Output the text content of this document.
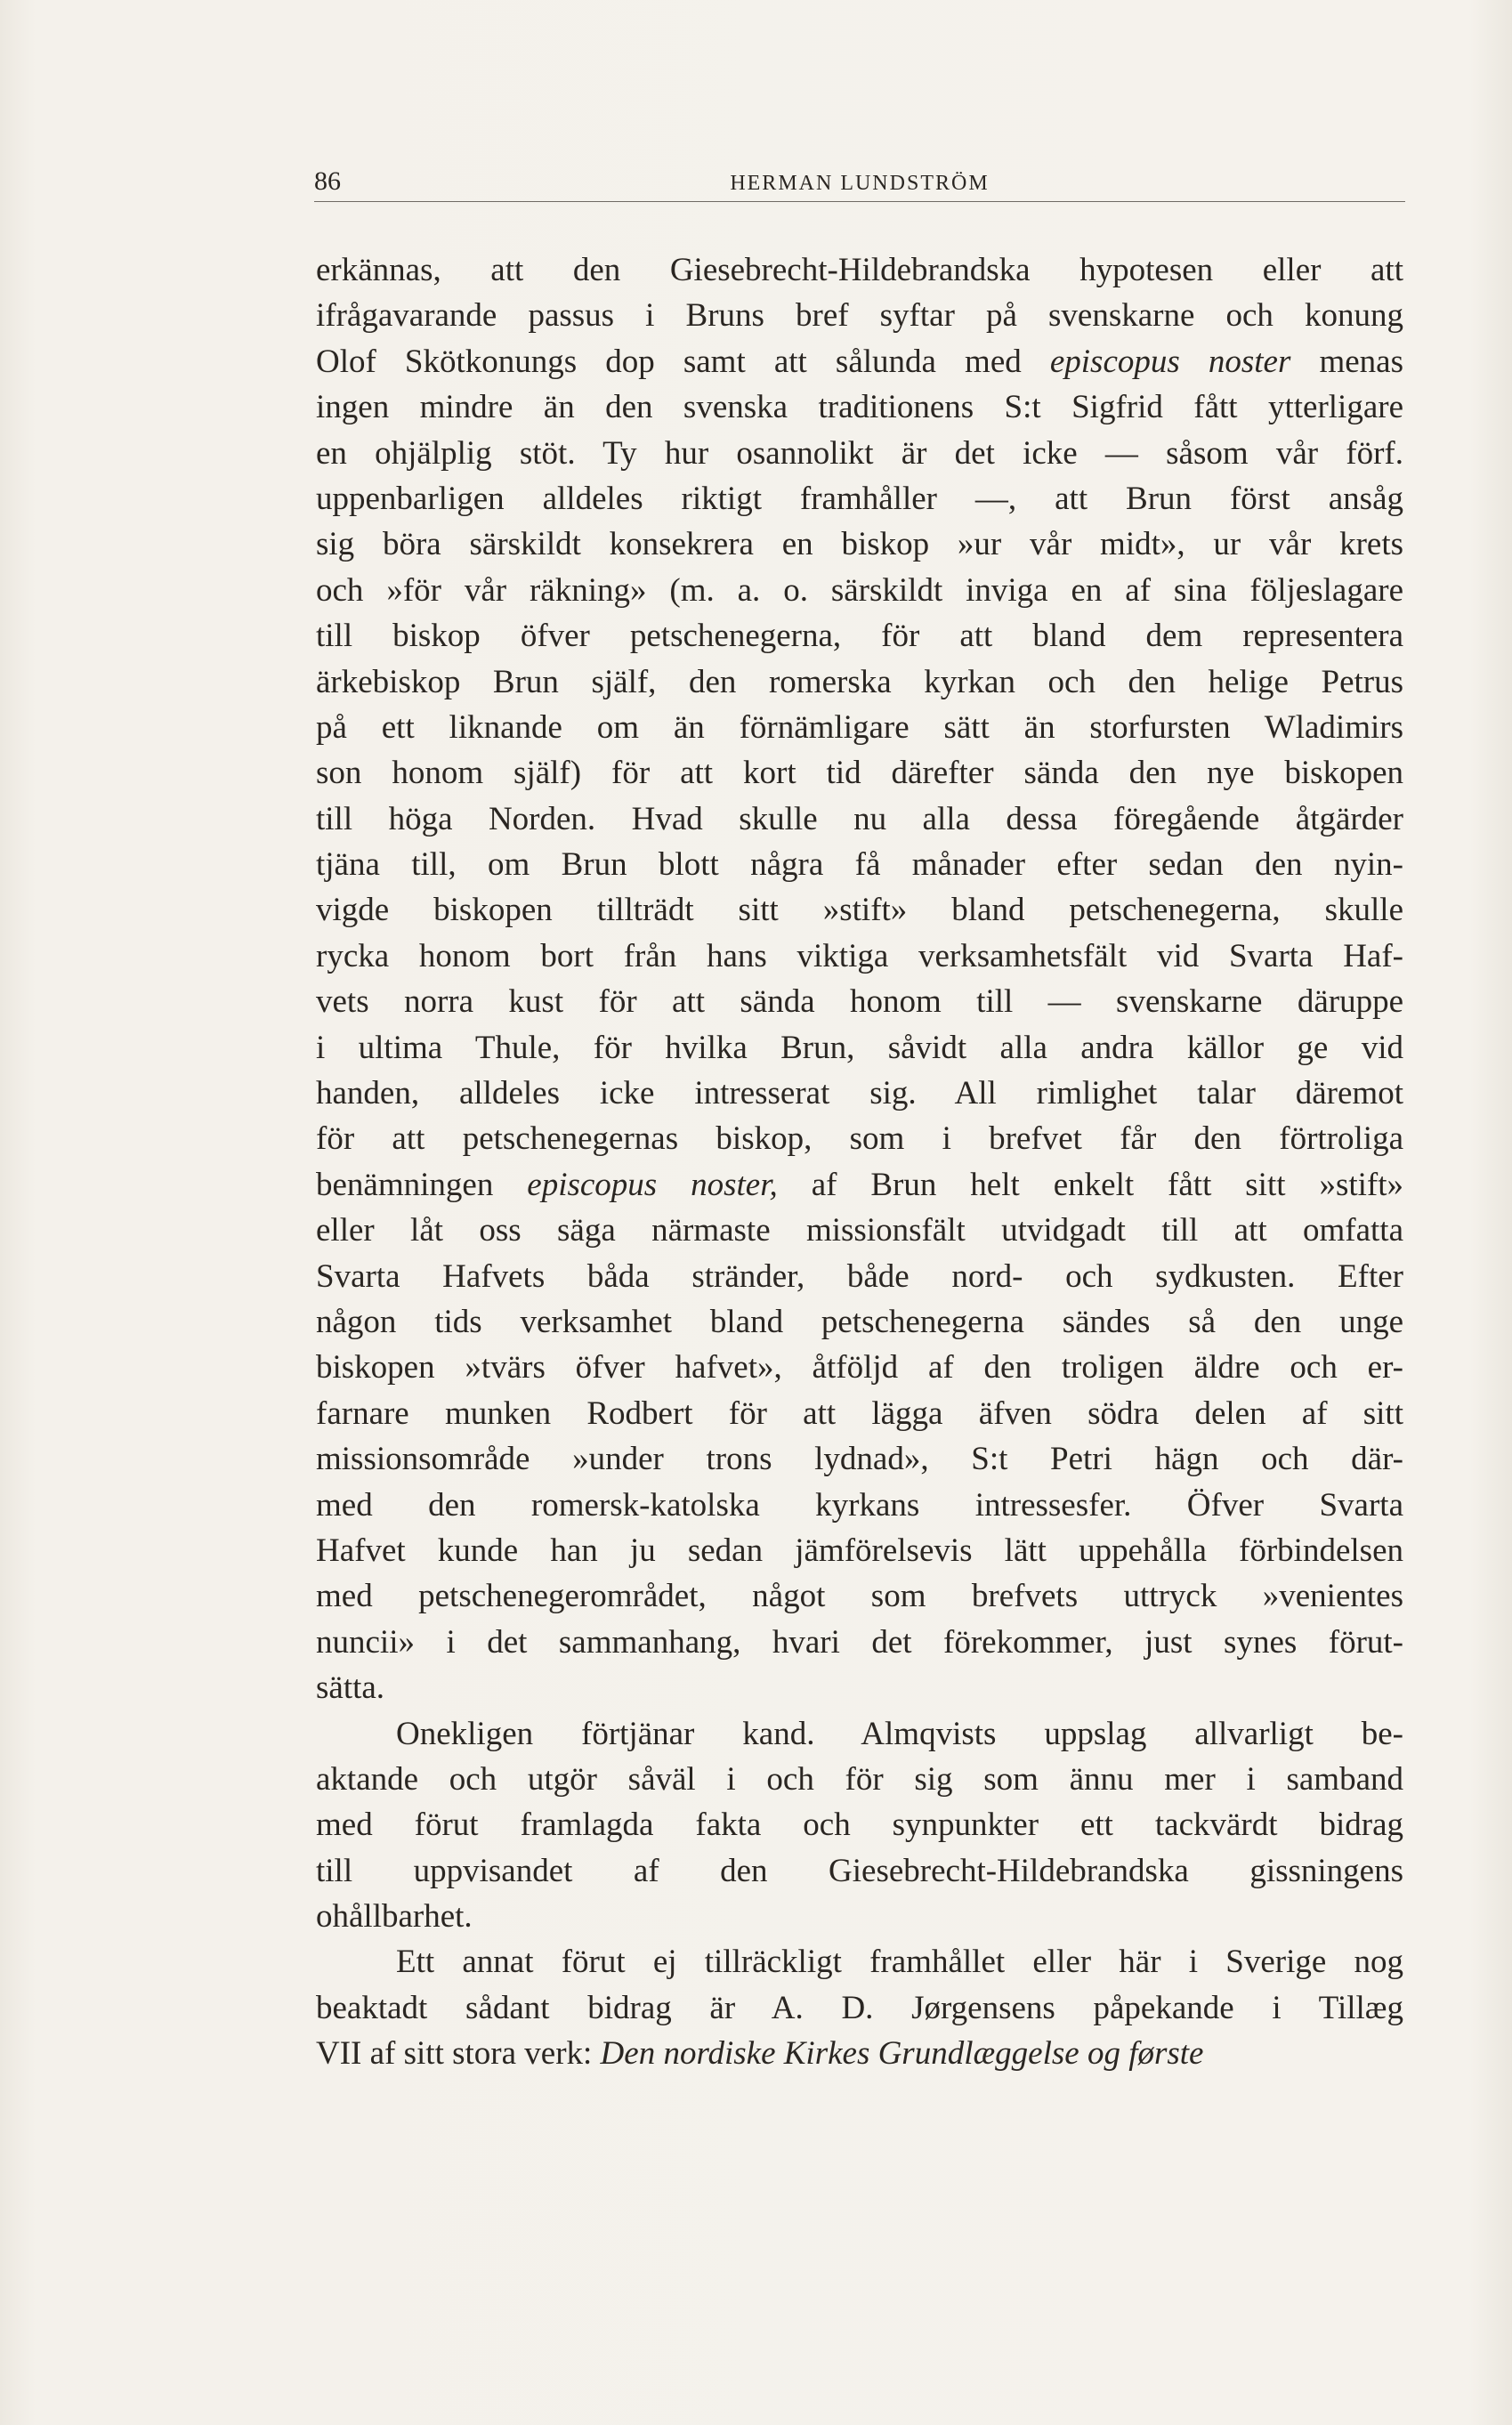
86	HERMAN LUNDSTRÖM
erkännas, att den Giesebrecht-Hildebrandska hypotesen eller att
ifrågavarande passus i Bruns bref syftar på svenskarne och konung
Olof Skötkonungs dop samt att sålunda med episcopus noster menas
ingen mindre än den svenska traditionens S:t Sigfrid fått ytterligare
en ohjälplig stöt. Ty hur osannolikt är det icke — såsom vår förf.
uppenbarligen alldeles riktigt framhåller —, att Brun först ansåg
sig böra särskildt konsekrera en biskop »ur vår midt», ur vår krets
och »för vår räkning» (m. a. o. särskildt inviga en af sina följeslagare
till biskop öfver petschenegerna, för att bland dem representera
ärkebiskop Brun själf, den romerska kyrkan och den helige Petrus
på ett liknande om än förnämligare sätt än storfursten Wladimirs
son honom själf) för att kort tid därefter sända den nye biskopen
till höga Norden. Hvad skulle nu alla dessa föregående åtgärder
tjäna till, om Brun blott några få månader efter sedan den nyin-
vigde biskopen tillträdt sitt »stift» bland petschenegerna, skulle
rycka honom bort från hans viktiga verksamhetsfält vid Svarta Haf-
vets norra kust för att sända honom till — svenskarne däruppe
i ultima Thule, för hvilka Brun, såvidt alla andra källor ge vid
handen, alldeles icke intresserat sig. All rimlighet talar däremot
för att petschenegernas biskop, som i brefvet får den förtroliga
benämningen episcopus noster, af Brun helt enkelt fått sitt »stift»
eller låt oss säga närmaste missionsfält utvidgadt till att omfatta
Svarta Hafvets båda stränder, både nord- och sydkusten. Efter
någon tids verksamhet bland petschenegerna sändes så den unge
biskopen »tvärs öfver hafvet», åtföljd af den troligen äldre och er-
farnare munken Rodbert för att lägga äfven södra delen af sitt
missionsområde »under trons lydnad», S:t Petri hägn och där-
med den romersk-katolska kyrkans intressesfer. Öfver Svarta
Hafvet kunde han ju sedan jämförelsevis lätt uppehålla förbindelsen
med petschenegerområdet, något som brefvets uttryck »venientes
nuncii» i det sammanhang, hvari det förekommer, just synes förut-
sätta.
Onekligen förtjänar kand. Almqvists uppslag allvarligt be-
aktande och utgör såväl i och för sig som ännu mer i samband
med förut framlagda fakta och synpunkter ett tackvärdt bidrag
till uppvisandet af den Giesebrecht-Hildebrandska gissningens
ohållbarhet.
Ett annat förut ej tillräckligt framhållet eller här i Sverige nog
beaktadt sådant bidrag är A. D. Jørgensens påpekande i Tillæg
VII af sitt stora verk: Den nordiske Kirkes Grundlæggelse og første
